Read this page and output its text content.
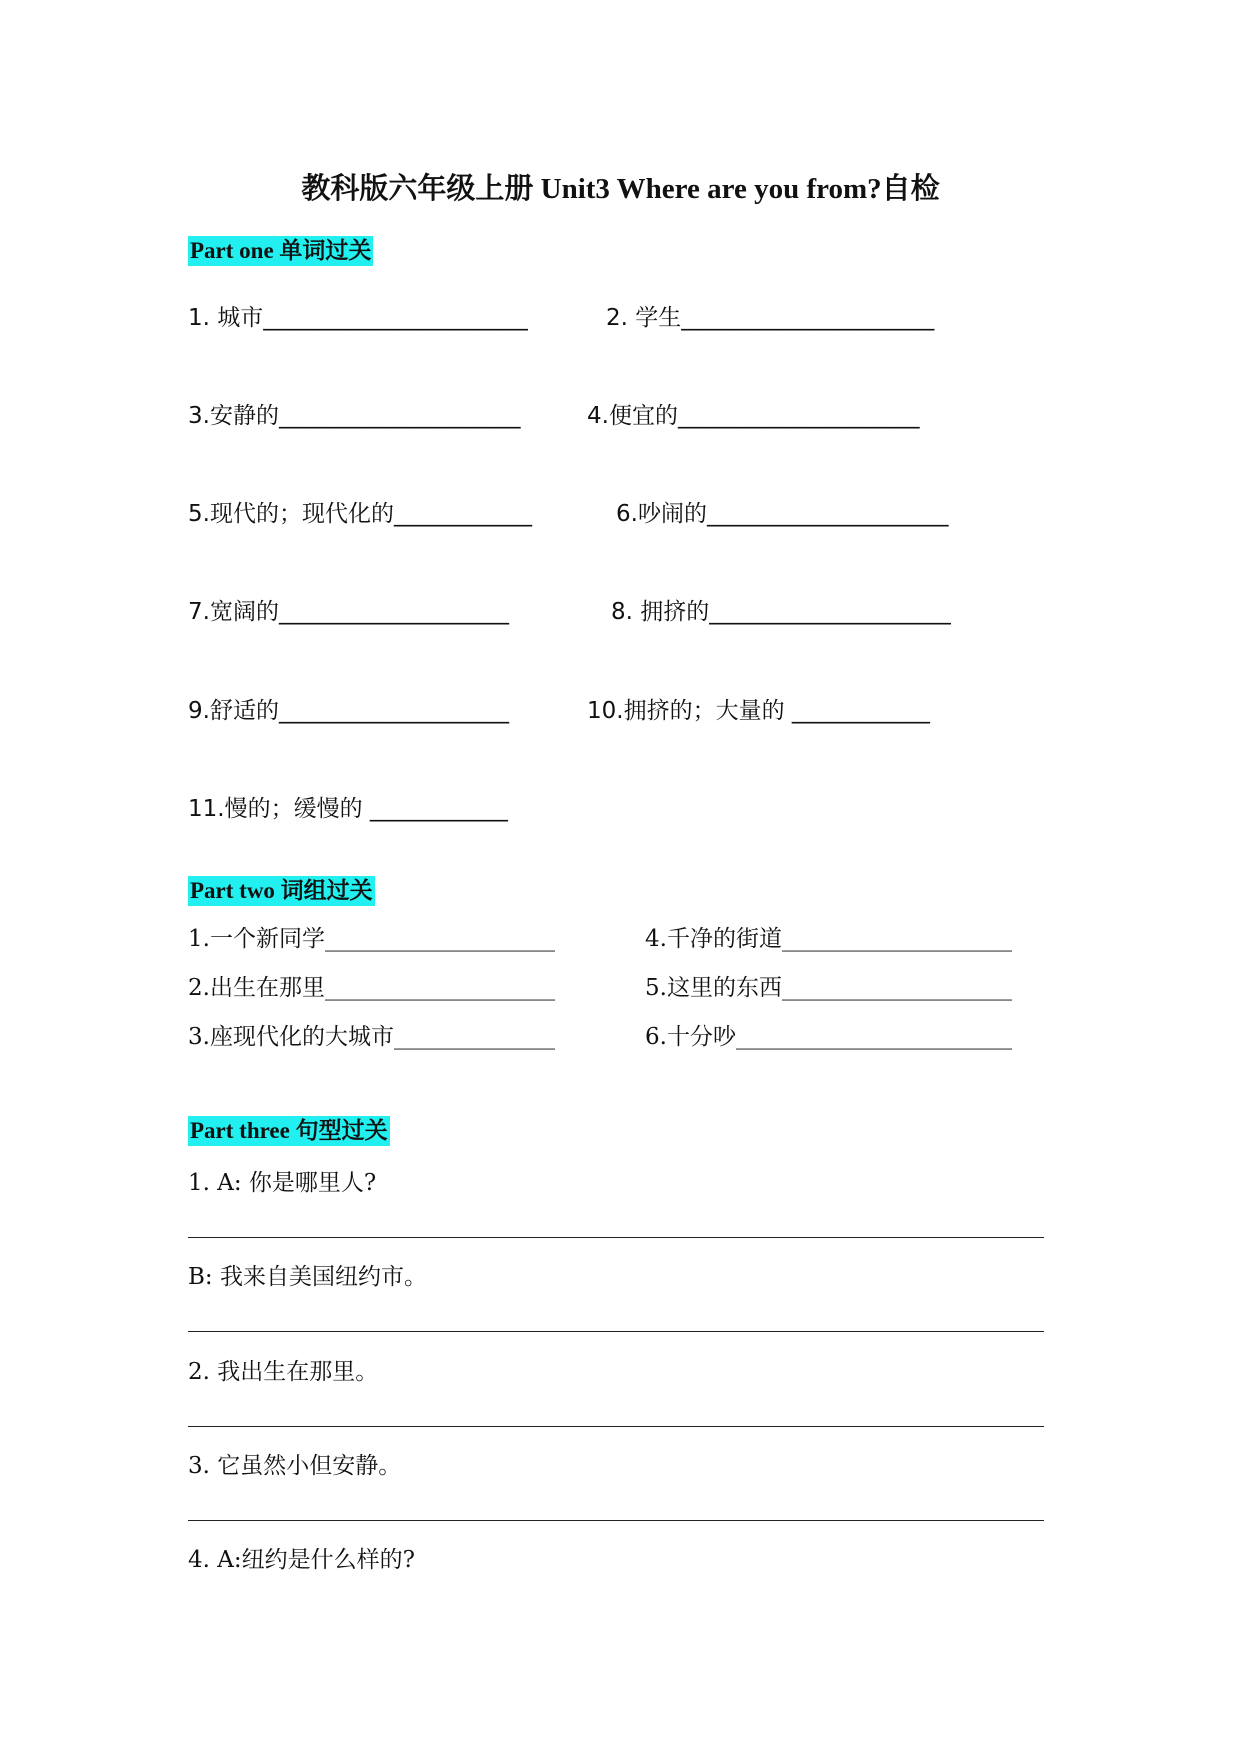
教科版六年级上册 Unit3 Where are you from?自检
Part one 单词过关
1. 城市_______________________	2. 学生______________________
3.安静的_____________________	4.便宜的_____________________
5.现代的；现代化的____________	6.吵闹的_____________________
7.宽阔的____________________	8. 拥挤的_____________________
9.舒适的____________________	10.拥挤的；大量的 ____________
11.慢的；缓慢的 ____________
Part two 词组过关
1.一个新同学____________________	4.千净的街道____________________
2.出生在那里____________________	5.这里的东西____________________
3.座现代化的大城市______________	6.十分吵________________________
Part three 句型过关
1. A: 你是哪里人?
B: 我来自美国纽约市。
2. 我出生在那里。
3. 它虽然小但安静。
4. A:纽约是什么样的?
